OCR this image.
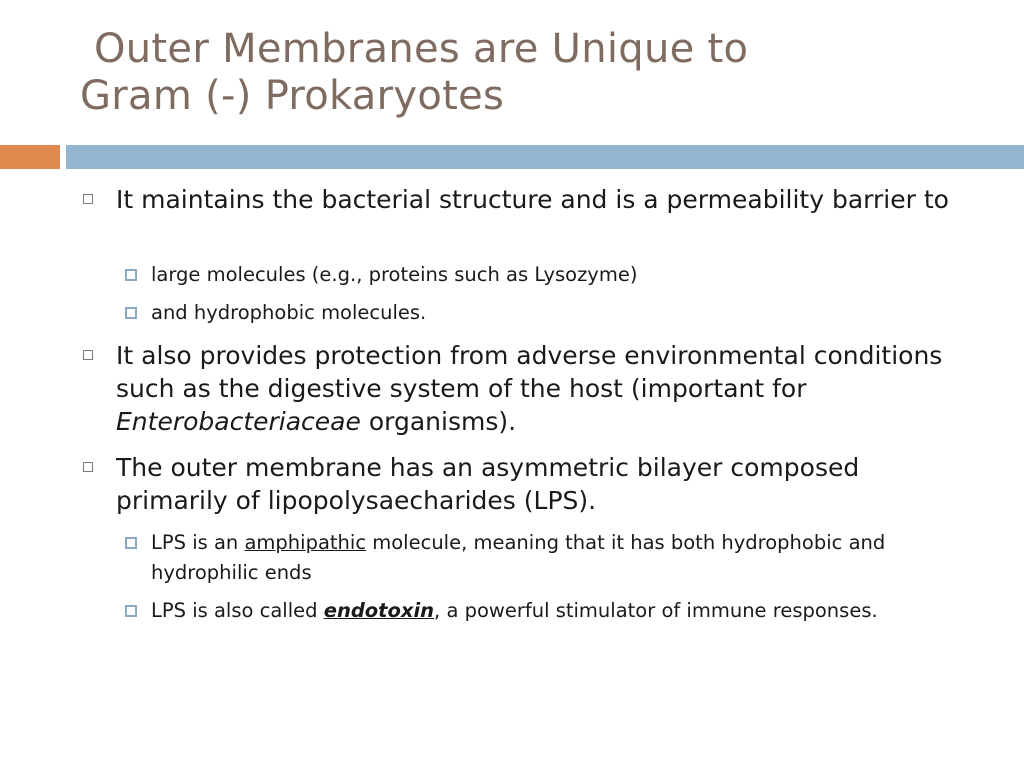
Outer Membranes are Unique to
Gram (-) Prokaryotes
It maintains the bacterial structure and is a permeability barrier to
large molecules (e.g., proteins such as Lysozyme)
and hydrophobic molecules.
It also provides protection from adverse environmental conditions such as the digestive system of the host (important for Enterobacteriaceae organisms).
The outer membrane has an asymmetric bilayer composed primarily of lipopolysaecharides (LPS).
LPS is an amphipathic molecule, meaning that it has both hydrophobic and hydrophilic ends
LPS is also called endotoxin, a powerful stimulator of immune responses.
